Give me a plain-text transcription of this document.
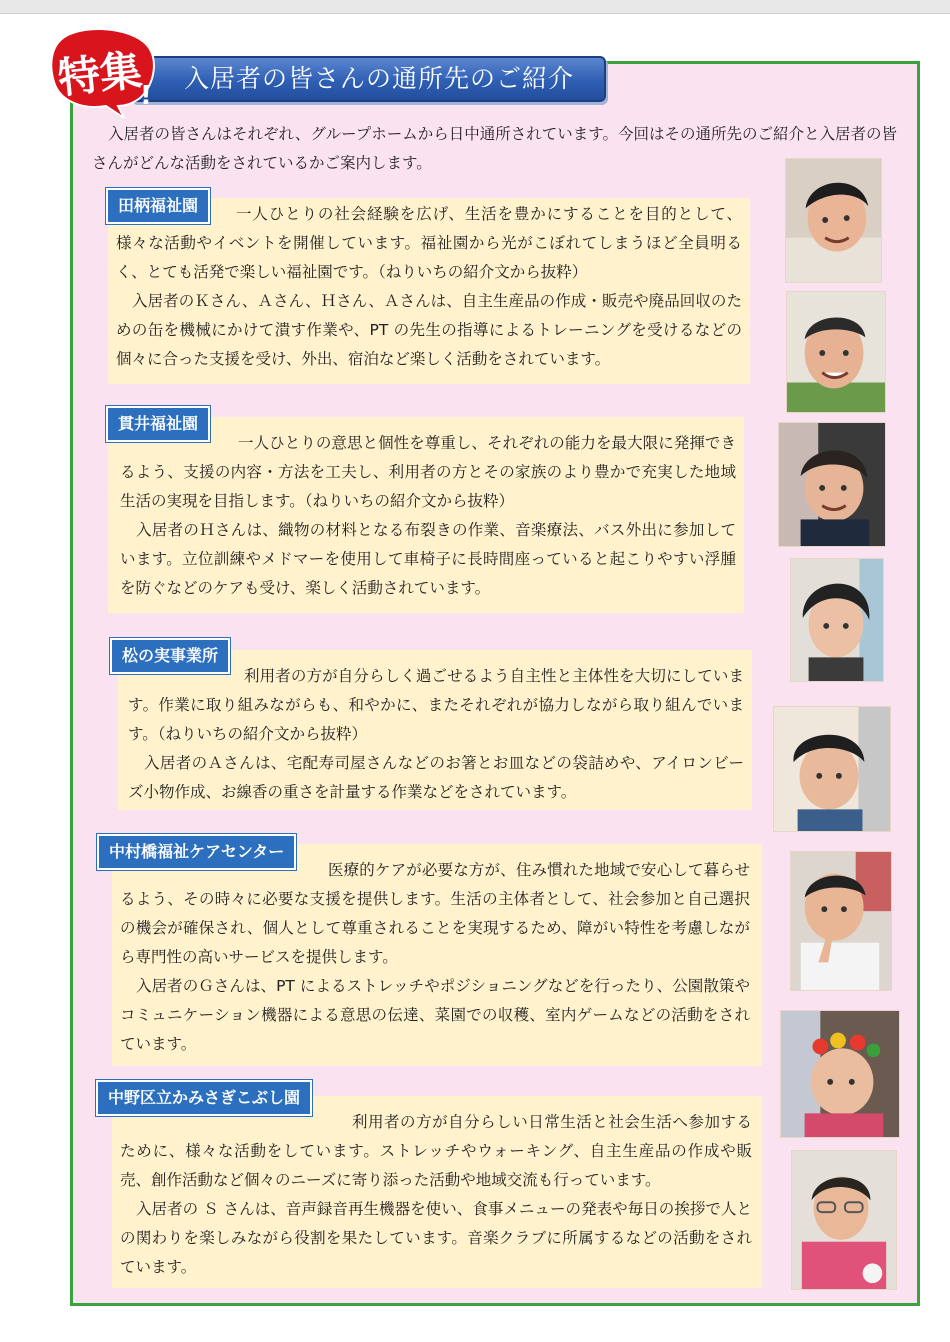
入居者の皆さんの通所先のご紹介
特集
!

入居者の皆さんはそれぞれ、グループホームから日中通所されています。今回はその通所先のご紹介と入居者の皆さんがどんな活動をされているかご案内します。

一人ひとりの社会経験を広げ、生活を豊かにすることを目的として、様々な活動やイベントを開催しています。福祉園から光がこぼれてしまうほど全員明るく、とても活発で楽しい福祉園です。（ねりいちの紹介文から抜粋）

入居者のＫさん、Ａさん、Ｈさん、Ａさんは、自主生産品の作成・販売や廃品回収のための缶を機械にかけて潰す作業や、PT の先生の指導によるトレーニングを受けるなどの個々に合った支援を受け、外出、宿泊など楽しく活動をされています。

田柄福祉園

一人ひとりの意思と個性を尊重し、それぞれの能力を最大限に発揮できるよう、支援の内容・方法を工夫し、利用者の方とその家族のより豊かで充実した地域生活の実現を目指します。（ねりいちの紹介文から抜粋）

入居者のＨさんは、織物の材料となる布裂きの作業、音楽療法、バス外出に参加しています。立位訓練やメドマーを使用して車椅子に長時間座っていると起こりやすい浮腫を防ぐなどのケアも受け、楽しく活動されています。

貫井福祉園

利用者の方が自分らしく過ごせるよう自主性と主体性を大切にしています。作業に取り組みながらも、和やかに、またそれぞれが協力しながら取り組んでいます。（ねりいちの紹介文から抜粋）

入居者のＡさんは、宅配寿司屋さんなどのお箸とお皿などの袋詰めや、アイロンビーズ小物作成、お線香の重さを計量する作業などをされています。

松の実事業所

医療的ケアが必要な方が、住み慣れた地域で安心して暮らせるよう、その時々に必要な支援を提供します。生活の主体者として、社会参加と自己選択の機会が確保され、個人として尊重されることを実現するため、障がい特性を考慮しながら専門性の高いサービスを提供します。

入居者のＧさんは、PT によるストレッチやポジショニングなどを行ったり、公園散策やコミュニケーション機器による意思の伝達、菜園での収穫、室内ゲームなどの活動をされています。

中村橋福祉ケアセンター

利用者の方が自分らしい日常生活と社会生活へ参加するために、様々な活動をしています。ストレッチやウォーキング、自主生産品の作成や販売、創作活動など個々のニーズに寄り添った活動や地域交流も行っています。

入居者の Ｓ さんは、音声録音再生機器を使い、食事メニューの発表や毎日の挨拶で人との関わりを楽しみながら役割を果たしています。音楽クラブに所属するなどの活動をされています。

中野区立かみさぎこぶし園
